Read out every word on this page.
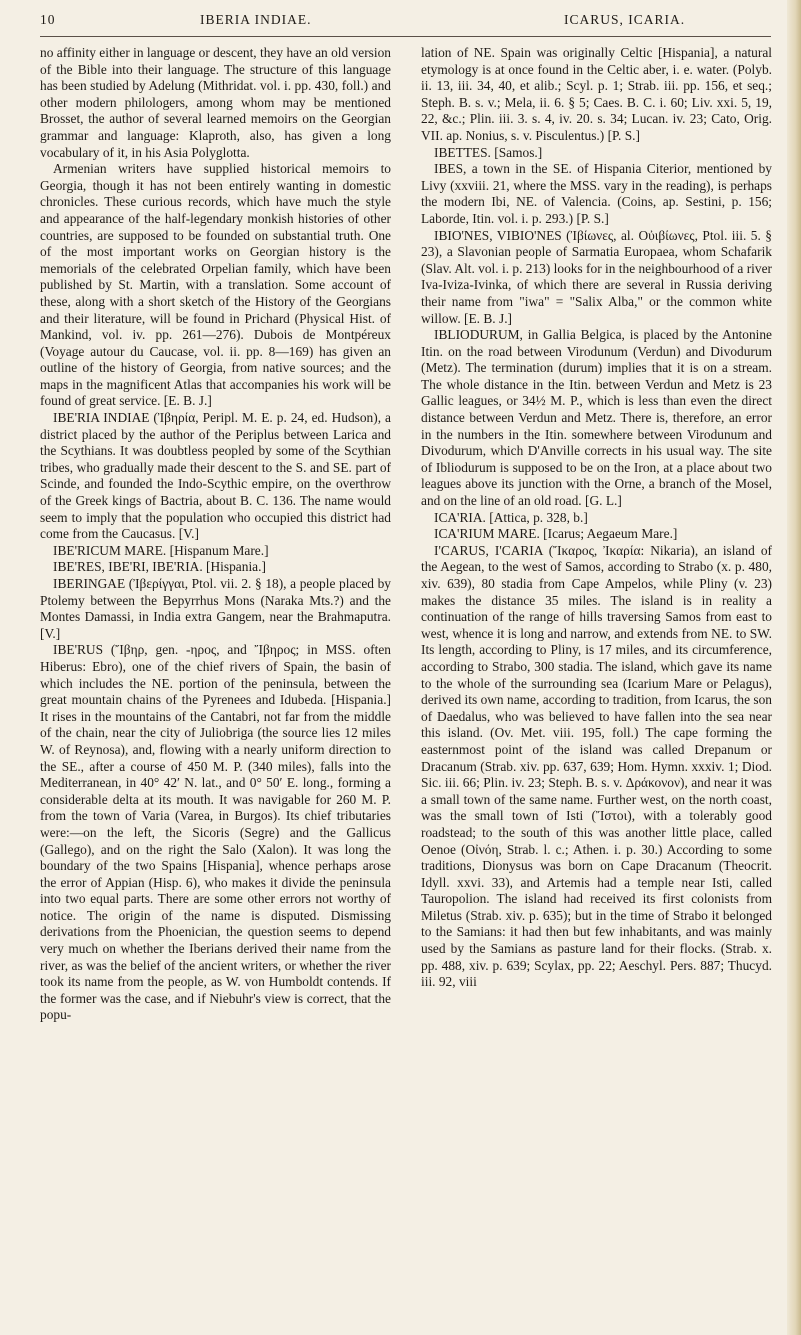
10	IBERIA INDIAE.	ICARUS, ICARIA.

no affinity either in language or descent, they have an old version of the Bible into their language. The structure of this language has been studied by Adelung (Mithridat. vol. i. pp. 430, foll.) and other modern philologers, among whom may be mentioned Brosset, the author of several learned memoirs on the Georgian grammar and language: Klaproth, also, has given a long vocabulary of it, in his Asia Polyglotta.

Armenian writers have supplied historical memoirs to Georgia, though it has not been entirely wanting in domestic chronicles. These curious records, which have much the style and appearance of the half-legendary monkish histories of other countries, are supposed to be founded on substantial truth. One of the most important works on Georgian history is the memorials of the celebrated Orpelian family, which have been published by St. Martin, with a translation. Some account of these, along with a short sketch of the History of the Georgians and their literature, will be found in Prichard (Physical Hist. of Mankind, vol. iv. pp. 261—276). Dubois de Montpéreux (Voyage autour du Caucase, vol. ii. pp. 8—169) has given an outline of the history of Georgia, from native sources; and the maps in the magnificent Atlas that accompanies his work will be found of great service. [E. B. J.]

IBE'RIA INDIAE (Ἰβηρία, Peripl. M. E. p. 24, ed. Hudson), a district placed by the author of the Periplus between Larica and the Scythians. It was doubtless peopled by some of the Scythian tribes, who gradually made their descent to the S. and SE. part of Scinde, and founded the Indo-Scythic empire, on the overthrow of the Greek kings of Bactria, about B. C. 136. The name would seem to imply that the population who occupied this district had come from the Caucasus. [V.]

IBE'RICUM MARE. [Hispanum Mare.]

IBE'RES, IBE'RI, IBE'RIA. [Hispania.]

IBERINGAE (Ἰβερίγγαι, Ptol. vii. 2. § 18), a people placed by Ptolemy between the Bepyrrhus Mons (Naraka Mts.?) and the Montes Damassi, in India extra Gangem, near the Brahmaputra. [V.]

IBE'RUS (Ἴβηρ, gen. -ηρος, and Ἴβηρος; in MSS. often Hiberus: Ebro), one of the chief rivers of Spain, the basin of which includes the NE. portion of the peninsula, between the great mountain chains of the Pyrenees and Idubeda. [Hispania.] It rises in the mountains of the Cantabri, not far from the middle of the chain, near the city of Juliobriga (the source lies 12 miles W. of Reynosa), and, flowing with a nearly uniform direction to the SE., after a course of 450 M. P. (340 miles), falls into the Mediterranean, in 40° 42′ N. lat., and 0° 50′ E. long., forming a considerable delta at its mouth. It was navigable for 260 M. P. from the town of Varia (Varea, in Burgos). Its chief tributaries were:—on the left, the Sicoris (Segre) and the Gallicus (Gallego), and on the right the Salo (Xalon). It was long the boundary of the two Spains [Hispania], whence perhaps arose the error of Appian (Hisp. 6), who makes it divide the peninsula into two equal parts. There are some other errors not worthy of notice. The origin of the name is disputed. Dismissing derivations from the Phoenician, the question seems to depend very much on whether the Iberians derived their name from the river, as was the belief of the ancient writers, or whether the river took its name from the people, as W. von Humboldt contends. If the former was the case, and if Niebuhr's view is correct, that the popu-

lation of NE. Spain was originally Celtic [Hispania], a natural etymology is at once found in the Celtic aber, i. e. water. (Polyb. ii. 13, iii. 34, 40, et alib.; Scyl. p. 1; Strab. iii. pp. 156, et seq.; Steph. B. s. v.; Mela, ii. 6. § 5; Caes. B. C. i. 60; Liv. xxi. 5, 19, 22, &c.; Plin. iii. 3. s. 4, iv. 20. s. 34; Lucan. iv. 23; Cato, Orig. VII. ap. Nonius, s. v. Pisculentus.) [P. S.]

IBETTES. [Samos.]

IBES, a town in the SE. of Hispania Citerior, mentioned by Livy (xxviii. 21, where the MSS. vary in the reading), is perhaps the modern Ibi, NE. of Valencia. (Coins, ap. Sestini, p. 156; Laborde, Itin. vol. i. p. 293.) [P. S.]

IBIO'NES, VIBIO'NES (Ἰβίωνες, al. Οὐιβίωνες, Ptol. iii. 5. § 23), a Slavonian people of Sarmatia Europaea, whom Schafarik (Slav. Alt. vol. i. p. 213) looks for in the neighbourhood of a river Iva-Iviza-Ivinka, of which there are several in Russia deriving their name from "iwa" = "Salix Alba," or the common white willow. [E. B. J.]

IBLIODURUM, in Gallia Belgica, is placed by the Antonine Itin. on the road between Virodunum (Verdun) and Divodurum (Metz). The termination (durum) implies that it is on a stream. The whole distance in the Itin. between Verdun and Metz is 23 Gallic leagues, or 34½ M. P., which is less than even the direct distance between Verdun and Metz. There is, therefore, an error in the numbers in the Itin. somewhere between Virodunum and Divodurum, which D'Anville corrects in his usual way. The site of Ibliodurum is supposed to be on the Iron, at a place about two leagues above its junction with the Orne, a branch of the Mosel, and on the line of an old road. [G. L.]

ICA'RIA. [Attica, p. 328, b.]

ICA'RIUM MARE. [Icarus; Aegaeum Mare.]

I'CARUS, I'CARIA (Ἴκαρος, Ἰκαρία: Nikaria), an island of the Aegean, to the west of Samos, according to Strabo (x. p. 480, xiv. 639), 80 stadia from Cape Ampelos, while Pliny (v. 23) makes the distance 35 miles. The island is in reality a continuation of the range of hills traversing Samos from east to west, whence it is long and narrow, and extends from NE. to SW. Its length, according to Pliny, is 17 miles, and its circumference, according to Strabo, 300 stadia. The island, which gave its name to the whole of the surrounding sea (Icarium Mare or Pelagus), derived its own name, according to tradition, from Icarus, the son of Daedalus, who was believed to have fallen into the sea near this island. (Ov. Met. viii. 195, foll.) The cape forming the easternmost point of the island was called Drepanum or Dracanum (Strab. xiv. pp. 637, 639; Hom. Hymn. xxxiv. 1; Diod. Sic. iii. 66; Plin. iv. 23; Steph. B. s. v. Δράκονον), and near it was a small town of the same name. Further west, on the north coast, was the small town of Isti (Ἴστοι), with a tolerably good roadstead; to the south of this was another little place, called Oenoe (Οἰνόη, Strab. l. c.; Athen. i. p. 30.) According to some traditions, Dionysus was born on Cape Dracanum (Theocrit. Idyll. xxvi. 33), and Artemis had a temple near Isti, called Tauropolion. The island had received its first colonists from Miletus (Strab. xiv. p. 635); but in the time of Strabo it belonged to the Samians: it had then but few inhabitants, and was mainly used by the Samians as pasture land for their flocks. (Strab. x. pp. 488, xiv. p. 639; Scylax, pp. 22; Aeschyl. Pers. 887; Thucyd. iii. 92, viii
